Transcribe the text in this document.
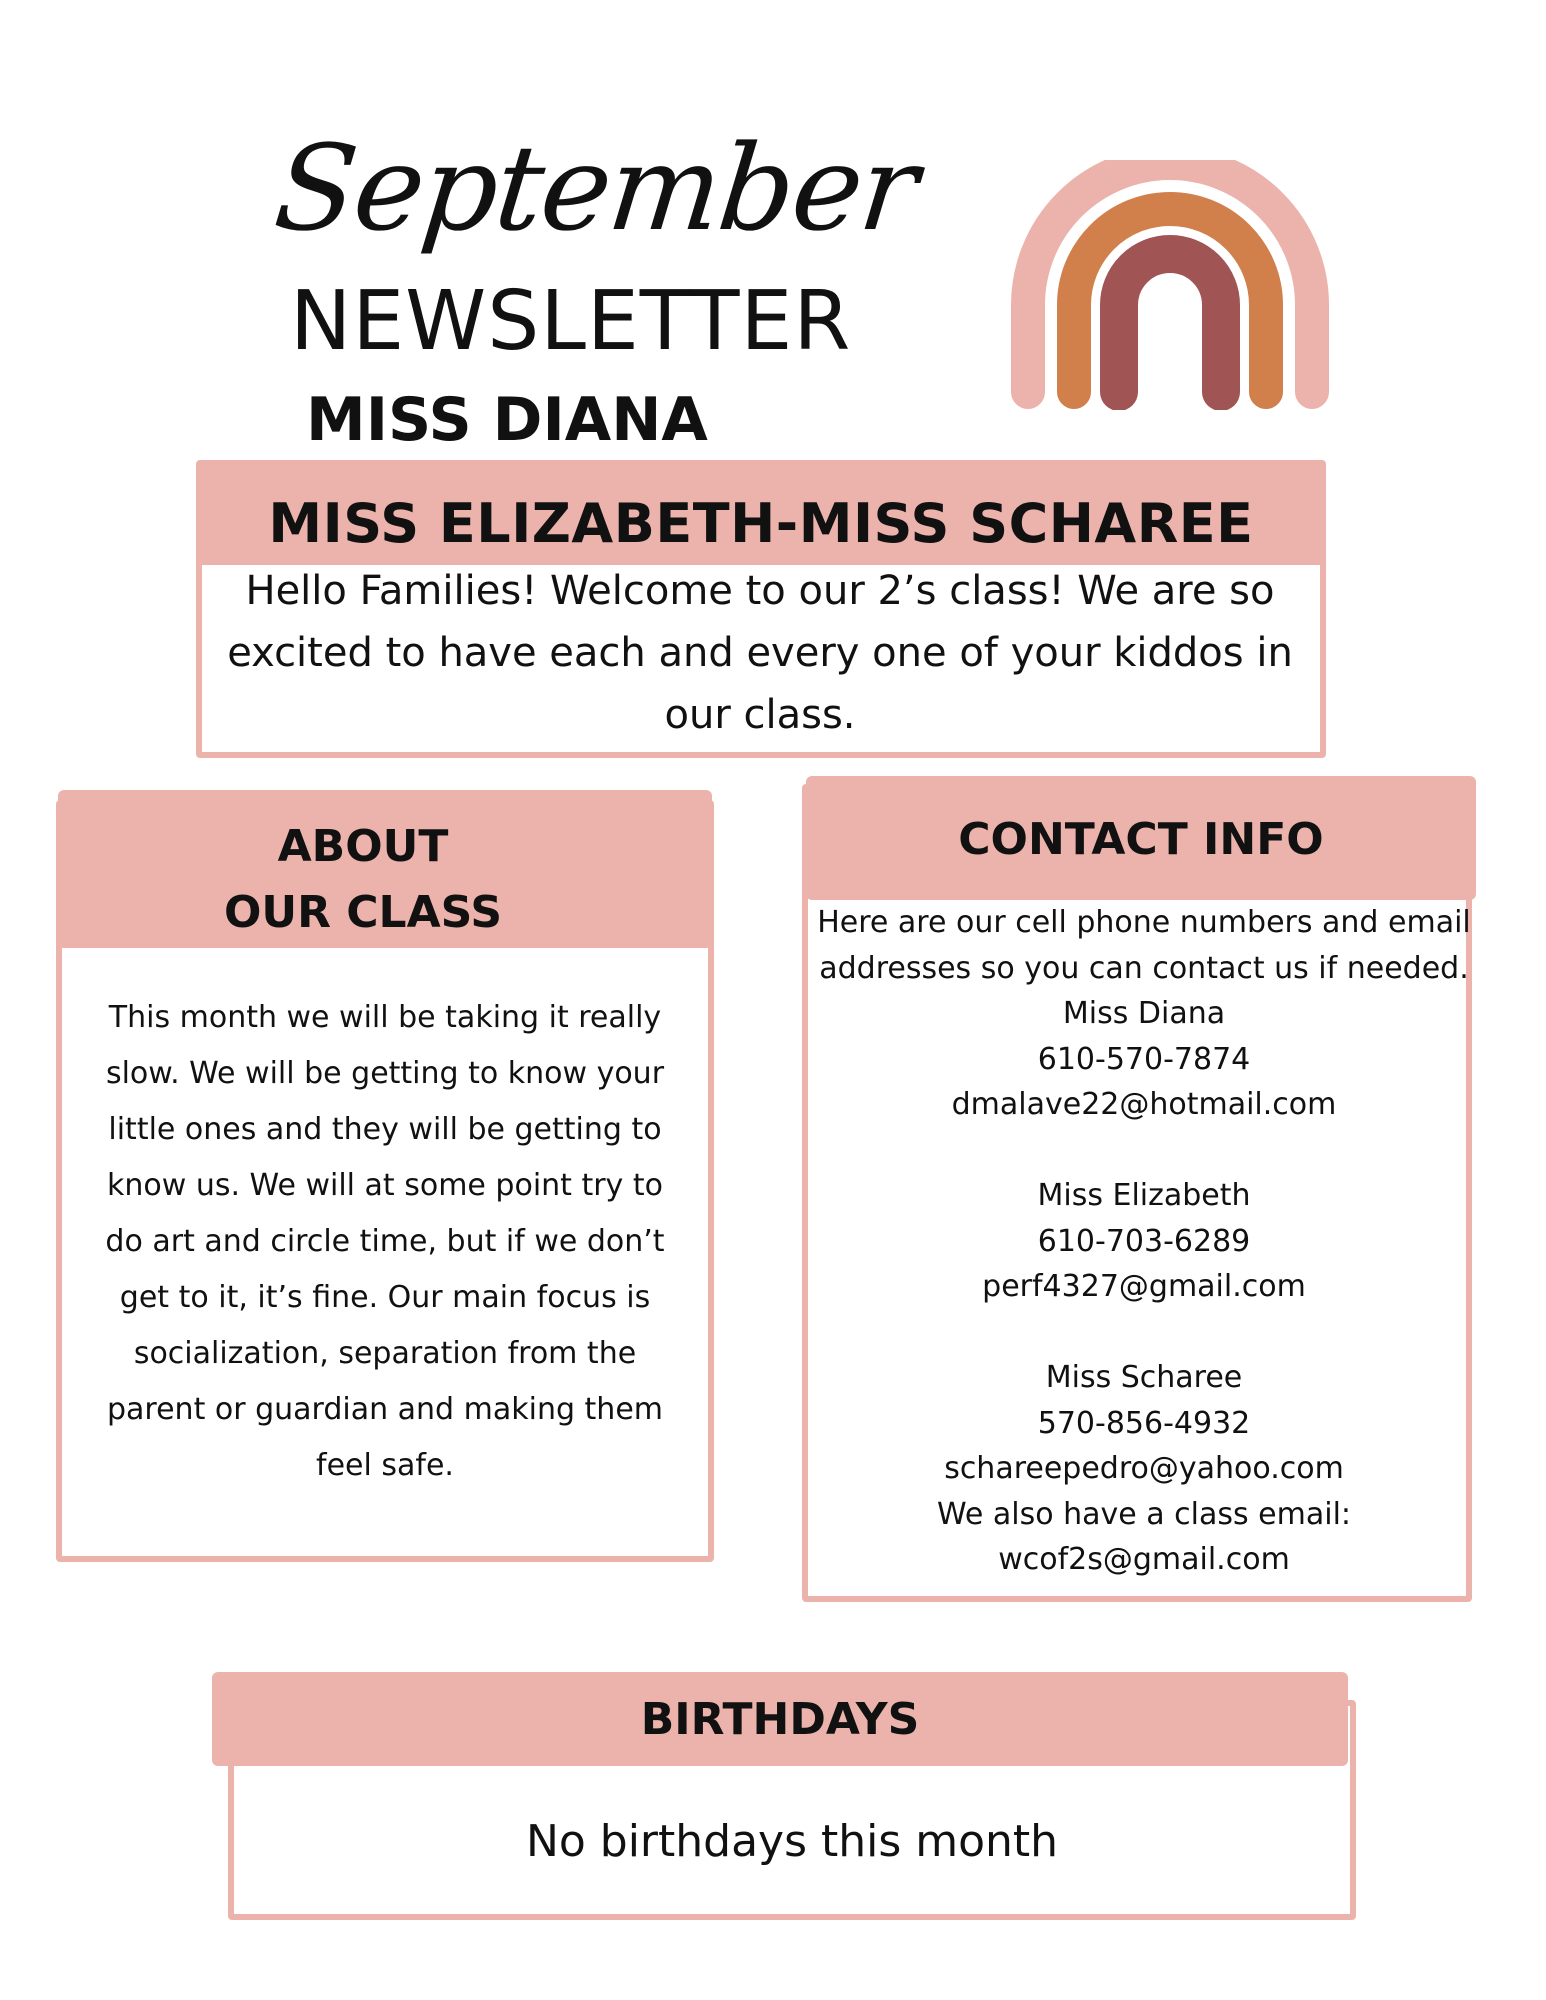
September
NEWSLETTER
MISS DIANA
MISS ELIZABETH-MISS SCHAREE
Hello Families! Welcome to our 2’s class! We are so excited to have each and every one of your kiddos in our class.
ABOUT
OUR CLASS
This month we will be taking it really slow. We will be getting to know your little ones and they will be getting to know us. We will at some point try to do art and circle time, but if we don’t get to it, it’s fine. Our main focus is socialization, separation from the parent or guardian and making them feel safe.
CONTACT INFO
Here are our cell phone numbers and email
addresses so you can contact us if needed.
Miss Diana
610-570-7874
dmalave22@hotmail.com
Miss Elizabeth
610-703-6289
perf4327@gmail.com
Miss Scharee
570-856-4932
schareepedro@yahoo.com
We also have a class email:
wcof2s@gmail.com
BIRTHDAYS
No birthdays this month
